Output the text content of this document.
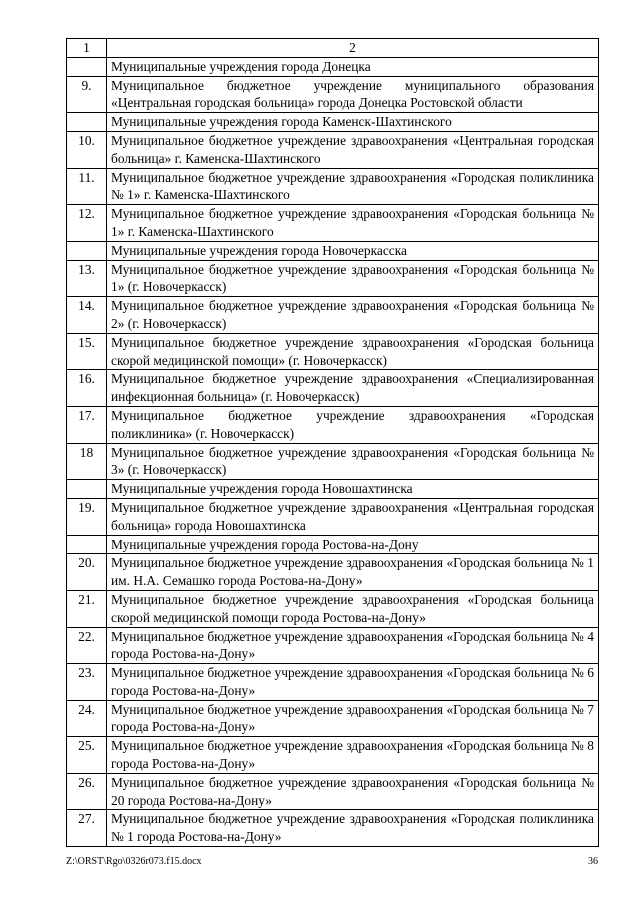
1	2
	Муниципальные учреждения города Донецка
9.	Муниципальное бюджетное учреждение муниципального образования «Центральная городская больница» города Донецка Ростовской области
	Муниципальные учреждения города Каменск-Шахтинского
10.	Муниципальное бюджетное учреждение здравоохранения «Центральная городская больница» г. Каменска-Шахтинского
11.	Муниципальное бюджетное учреждение здравоохранения «Городская поликлиника № 1» г. Каменска-Шахтинского
12.	Муниципальное бюджетное учреждение здравоохранения «Городская больница № 1» г. Каменска-Шахтинского
	Муниципальные учреждения города Новочеркасска
13.	Муниципальное бюджетное учреждение здравоохранения «Городская больница № 1» (г. Новочеркасск)
14.	Муниципальное бюджетное учреждение здравоохранения «Городская больница № 2» (г. Новочеркасск)
15.	Муниципальное бюджетное учреждение здравоохранения «Городская больница скорой медицинской помощи» (г. Новочеркасск)
16.	Муниципальное бюджетное учреждение здравоохранения «Специализированная инфекционная больница» (г. Новочеркасск)
17.	Муниципальное бюджетное учреждение здравоохранения «Городская поликлиника» (г. Новочеркасск)
18	Муниципальное бюджетное учреждение здравоохранения «Городская больница № 3» (г. Новочеркасск)
	Муниципальные учреждения города Новошахтинска
19.	Муниципальное бюджетное учреждение здравоохранения «Центральная городская больница» города Новошахтинска
	Муниципальные учреждения города Ростова-на-Дону
20.	Муниципальное бюджетное учреждение здравоохранения «Городская больница № 1 им. Н.А. Семашко города Ростова-на-Дону»
21.	Муниципальное бюджетное учреждение здравоохранения «Городская больница скорой медицинской помощи города Ростова-на-Дону»
22.	Муниципальное бюджетное учреждение здравоохранения «Городская больница № 4 города Ростова-на-Дону»
23.	Муниципальное бюджетное учреждение здравоохранения «Городская больница № 6 города Ростова-на-Дону»
24.	Муниципальное бюджетное учреждение здравоохранения «Городская больница № 7 города Ростова-на-Дону»
25.	Муниципальное бюджетное учреждение здравоохранения «Городская больница № 8 города Ростова-на-Дону»
26.	Муниципальное бюджетное учреждение здравоохранения «Городская больница № 20 города Ростова-на-Дону»
27.	Муниципальное бюджетное учреждение здравоохранения «Городская поликлиника № 1 города Ростова-на-Дону»
Z:\ORST\Rgo\0326r073.f15.docx	36
